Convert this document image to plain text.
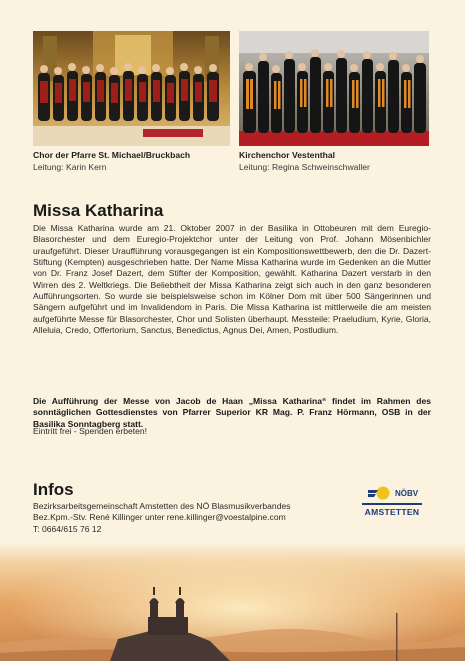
Chor der Pfarre St. Michael/Bruckbach
Leitung: Karin Kern
Kirchenchor Vestenthal
Leitung: Regina Schweinschwaller
Missa Katharina

Die Missa Katharina wurde am 21. Oktober 2007 in der Basilika in Ottobeuren mit dem Euregio-Blasorchester und dem Euregio-Projektchor unter der Leitung von Prof. Johann Mösenbichler uraufgeführt. Dieser Uraufführung vorausgegangen ist ein Kompositionswettbewerb, den die Dr. Dazert-Stiftung (Kempten) ausgeschrieben hatte. Der Name Missa Katharina wurde im Gedenken an die Mutter von Dr. Franz Josef Dazert, dem Stifter der Komposition, gewählt. Katharina Dazert verstarb in den Wirren des 2. Weltkriegs. Die Beliebtheit der Missa Katharina zeigt sich auch in den ganz besonderen Aufführungsorten. So wurde sie beispielsweise schon im Kölner Dom mit über 500 Sängerinnen und Sängern aufgeführt und im Invalidendom in Paris. Die Missa Katharina ist mittlerweile die am meisten aufgeführte Messe für Blasorchester, Chor und Solisten überhaupt. Messteile: Praeludium, Kyrie, Gloria, Alleluia, Credo, Offertorium, Sanctus, Benedictus, Agnus Dei, Amen, Postludium.

Die Aufführung der Messe von Jacob de Haan „Missa Katharina“ findet im Rahmen des sonntäglichen Gottesdienstes von Pfarrer Superior KR Mag. P. Franz Hörmann, OSB in der Basilika Sonntagberg statt.

Eintritt frei - Spenden erbeten!

Infos
Bezirksarbeitsgemeinschaft Amstetten des NÖ Blasmusikverbandes
Bez.Kpm.-Stv. René Killinger unter rene.killinger@voestalpine.com
T: 0664/615 76 12
NÖBV
AMSTETTEN
